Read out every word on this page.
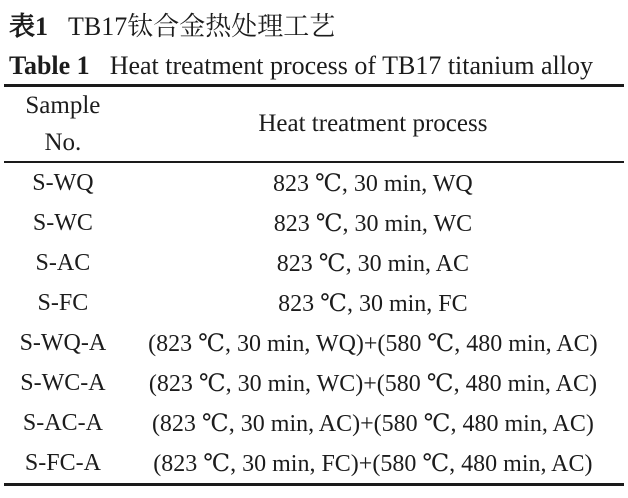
表1 TB17钛合金热处理工艺
Table 1 Heat treatment process of TB17 titanium alloy
Sample
No.	Heat treatment process
S-WQ	823 ℃, 30 min, WQ
S-WC	823 ℃, 30 min, WC
S-AC	823 ℃, 30 min, AC
S-FC	823 ℃, 30 min, FC
S-WQ-A	(823 ℃, 30 min, WQ)+(580 ℃, 480 min, AC)
S-WC-A	(823 ℃, 30 min, WC)+(580 ℃, 480 min, AC)
S-AC-A	(823 ℃, 30 min, AC)+(580 ℃, 480 min, AC)
S-FC-A	(823 ℃, 30 min, FC)+(580 ℃, 480 min, AC)
